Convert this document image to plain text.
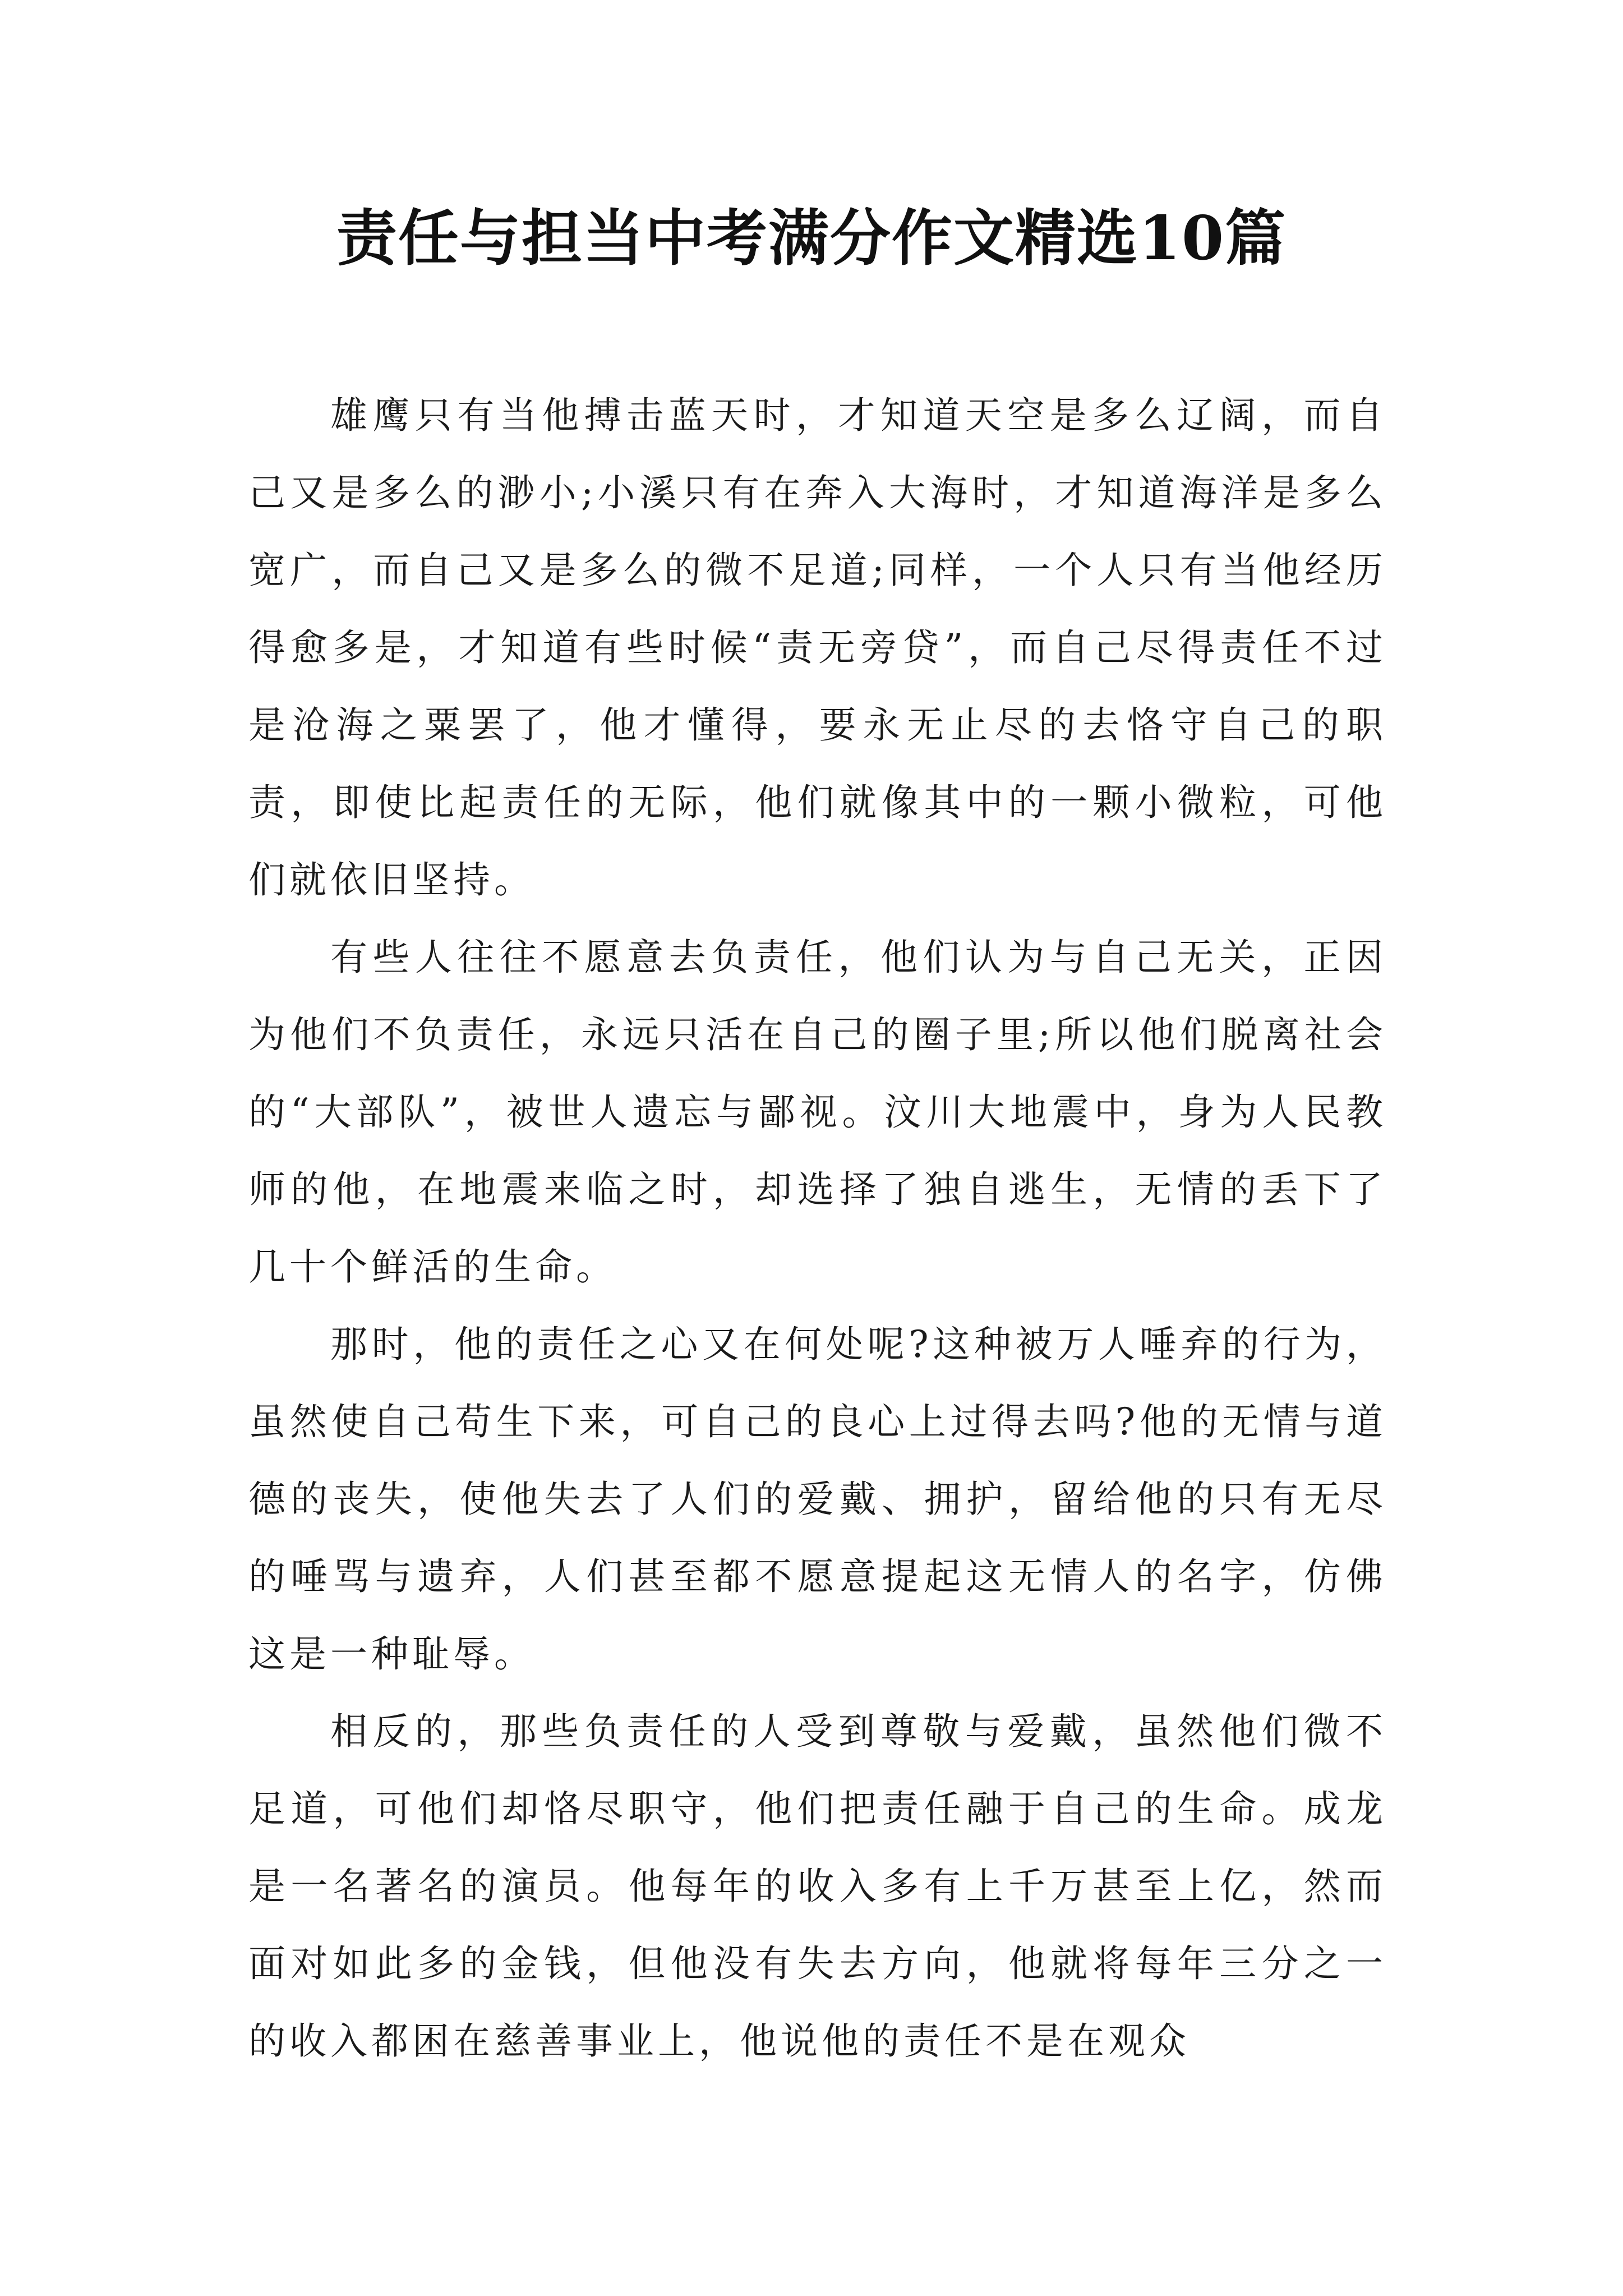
责任与担当中考满分作文精选10篇

雄鹰只有当他搏击蓝天时，才知道天空是多么辽阔，而自己又是多么的渺小;小溪只有在奔入大海时，才知道海洋是多么宽广，而自己又是多么的微不足道;同样，一个人只有当他经历得愈多是，才知道有些时候“责无旁贷”，而自己尽得责任不过是沧海之粟罢了，他才懂得，要永无止尽的去恪守自己的职责，即使比起责任的无际，他们就像其中的一颗小微粒，可他们就依旧坚持。

有些人往往不愿意去负责任，他们认为与自己无关，正因为他们不负责任，永远只活在自己的圈子里;所以他们脱离社会的“大部队”，被世人遗忘与鄙视。汶川大地震中，身为人民教师的他，在地震来临之时，却选择了独自逃生，无情的丢下了几十个鲜活的生命。

那时，他的责任之心又在何处呢?这种被万人唾弃的行为，虽然使自己苟生下来，可自己的良心上过得去吗?他的无情与道德的丧失，使他失去了人们的爱戴、拥护，留给他的只有无尽的唾骂与遗弃，人们甚至都不愿意提起这无情人的名字，仿佛这是一种耻辱。

相反的，那些负责任的人受到尊敬与爱戴，虽然他们微不足道，可他们却恪尽职守，他们把责任融于自己的生命。成龙是一名著名的演员。他每年的收入多有上千万甚至上亿，然而面对如此多的金钱，但他没有失去方向，他就将每年三分之一的收入都困在慈善事业上，他说他的责任不是在观众
